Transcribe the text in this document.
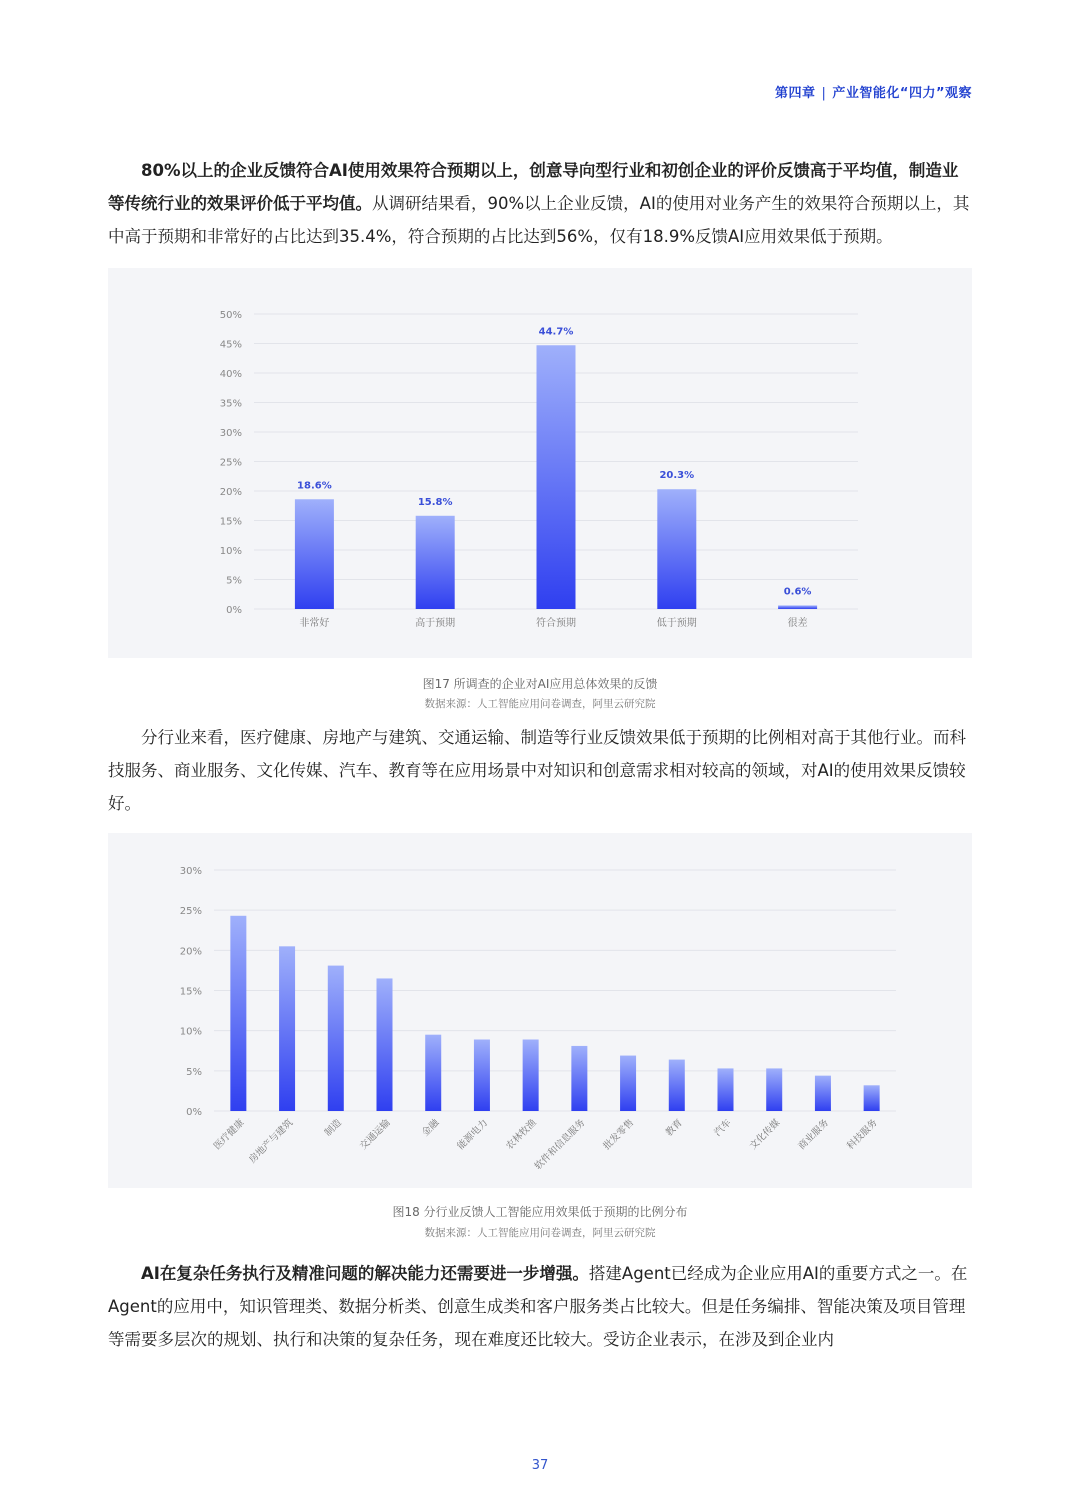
第四章 | 产业智能化“四力”观察

80%以上的企业反馈符合AI使用效果符合预期以上，创意导向型行业和初创企业的评价反馈高于平均值，制造业等传统行业的效果评价低于平均值。从调研结果看，90%以上企业反馈，AI的使用对业务产生的效果符合预期以上，其中高于预期和非常好的占比达到35.4%，符合预期的占比达到56%，仅有18.9%反馈AI应用效果低于预期。

0%
5%
10%
15%
20%
25%
30%
35%
40%
45%
50%
18.6%
非常好
15.8%
高于预期
44.7%
符合预期
20.3%
低于预期
0.6%
很差
图17 所调查的企业对AI应用总体效果的反馈
数据来源：人工智能应用问卷调查，阿里云研究院

分行业来看，医疗健康、房地产与建筑、交通运输、制造等行业反馈效果低于预期的比例相对高于其他行业。而科技服务、商业服务、文化传媒、汽车、教育等在应用场景中对知识和创意需求相对较高的领域，对AI的使用效果反馈较好。

0%
5%
10%
15%
20%
25%
30%
医疗健康 房地产与建筑	制造 交通运输	金融 能源电力 农林牧渔
软件和信息服务 批发零售	教育	汽车 文化传媒 商业服务 科技服务
图18 分行业反馈人工智能应用效果低于预期的比例分布
数据来源：人工智能应用问卷调查，阿里云研究院

AI在复杂任务执行及精准问题的解决能力还需要进一步增强。搭建Agent已经成为企业应用AI的重要方式之一。在Agent的应用中，知识管理类、数据分析类、创意生成类和客户服务类占比较大。但是任务编排、智能决策及项目管理等需要多层次的规划、执行和决策的复杂任务，现在难度还比较大。受访企业表示，在涉及到企业内

37
